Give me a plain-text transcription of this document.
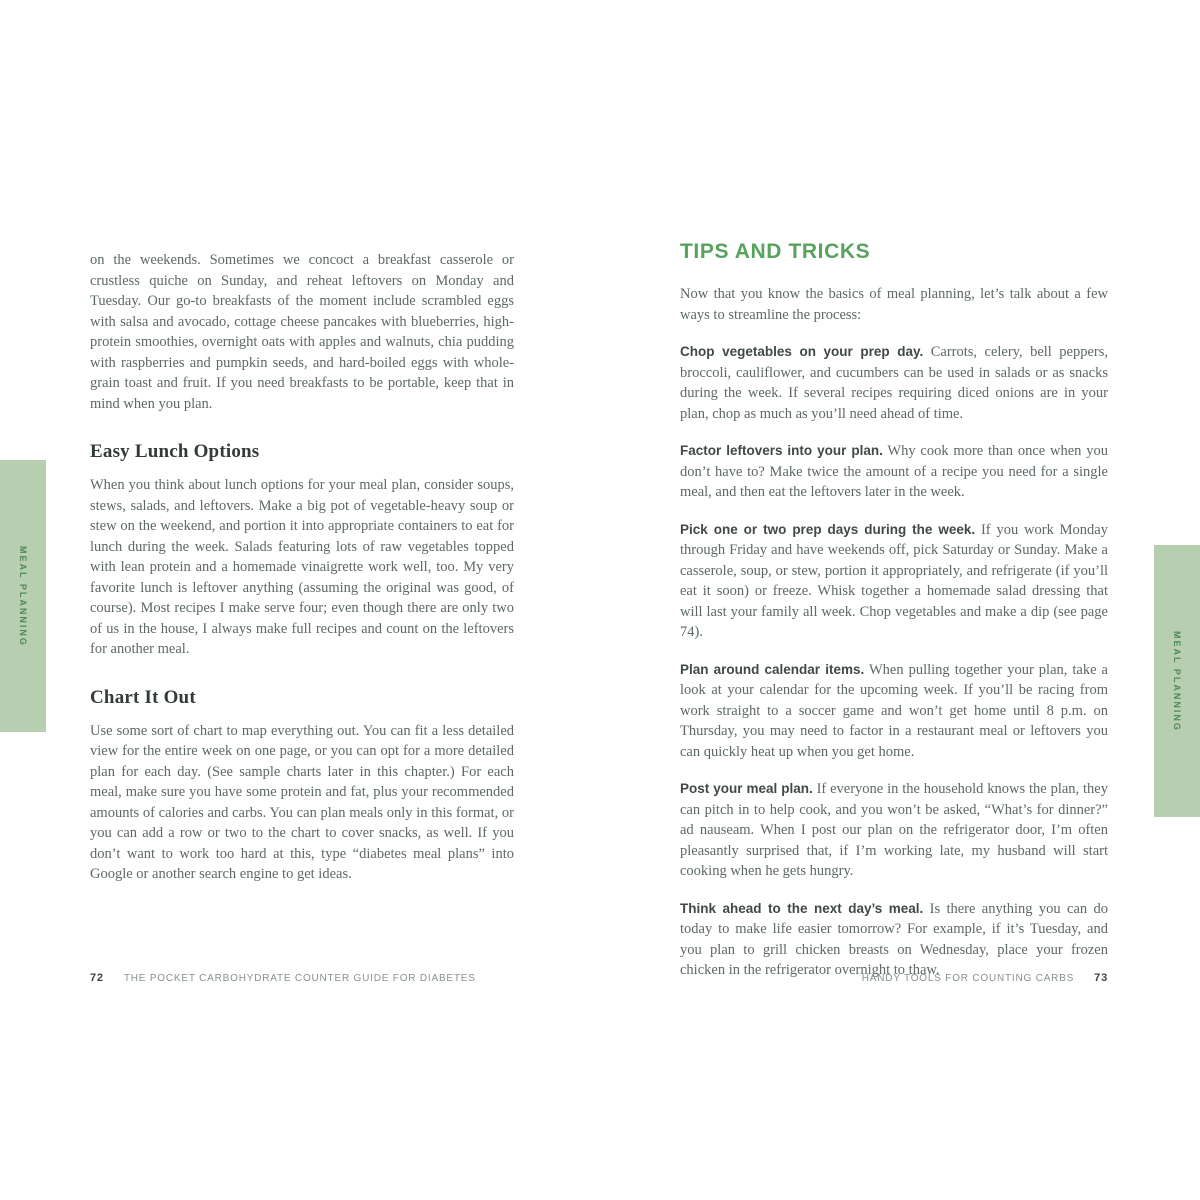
MEAL PLANNING
MEAL PLANNING

on the weekends. Sometimes we concoct a breakfast casserole or crustless quiche on Sunday, and reheat leftovers on Monday and Tuesday. Our go-to breakfasts of the moment include scrambled eggs with salsa and avocado, cottage cheese pancakes with blueberries, high-protein smoothies, overnight oats with apples and walnuts, chia pudding with raspberries and pumpkin seeds, and hard-boiled eggs with whole-grain toast and fruit. If you need breakfasts to be portable, keep that in mind when you plan.

Easy Lunch Options

When you think about lunch options for your meal plan, consider soups, stews, salads, and leftovers. Make a big pot of vegetable-heavy soup or stew on the weekend, and portion it into appropriate containers to eat for lunch during the week. Salads featuring lots of raw vegetables topped with lean protein and a homemade vinaigrette work well, too. My very favorite lunch is leftover anything (assuming the original was good, of course). Most recipes I make serve four; even though there are only two of us in the house, I always make full recipes and count on the leftovers for another meal.

Chart It Out

Use some sort of chart to map everything out. You can fit a less detailed view for the entire week on one page, or you can opt for a more detailed plan for each day. (See sample charts later in this chapter.) For each meal, make sure you have some protein and fat, plus your recommended amounts of calories and carbs. You can plan meals only in this format, or you can add a row or two to the chart to cover snacks, as well. If you don’t want to work too hard at this, type “diabetes meal plans” into Google or another search engine to get ideas.

TIPS AND TRICKS

Now that you know the basics of meal planning, let’s talk about a few ways to streamline the process:

Chop vegetables on your prep day. Carrots, celery, bell peppers, broccoli, cauliflower, and cucumbers can be used in salads or as snacks during the week. If several recipes requiring diced onions are in your plan, chop as much as you’ll need ahead of time.

Factor leftovers into your plan. Why cook more than once when you don’t have to? Make twice the amount of a recipe you need for a single meal, and then eat the leftovers later in the week.

Pick one or two prep days during the week. If you work Monday through Friday and have weekends off, pick Saturday or Sunday. Make a casserole, soup, or stew, portion it appropriately, and refrigerate (if you’ll eat it soon) or freeze. Whisk together a homemade salad dressing that will last your family all week. Chop vegetables and make a dip (see page 74).

Plan around calendar items. When pulling together your plan, take a look at your calendar for the upcoming week. If you’ll be racing from work straight to a soccer game and won’t get home until 8 p.m. on Thursday, you may need to factor in a restaurant meal or leftovers you can quickly heat up when you get home.

Post your meal plan. If everyone in the household knows the plan, they can pitch in to help cook, and you won’t be asked, “What’s for dinner?” ad nauseam. When I post our plan on the refrigerator door, I’m often pleasantly surprised that, if I’m working late, my husband will start cooking when he gets hungry.

Think ahead to the next day’s meal. Is there anything you can do today to make life easier tomorrow? For example, if it’s Tuesday, and you plan to grill chicken breasts on Wednesday, place your frozen chicken in the refrigerator overnight to thaw.

72 THE POCKET CARBOHYDRATE COUNTER GUIDE FOR DIABETES	HANDY TOOLS FOR COUNTING CARBS 73
